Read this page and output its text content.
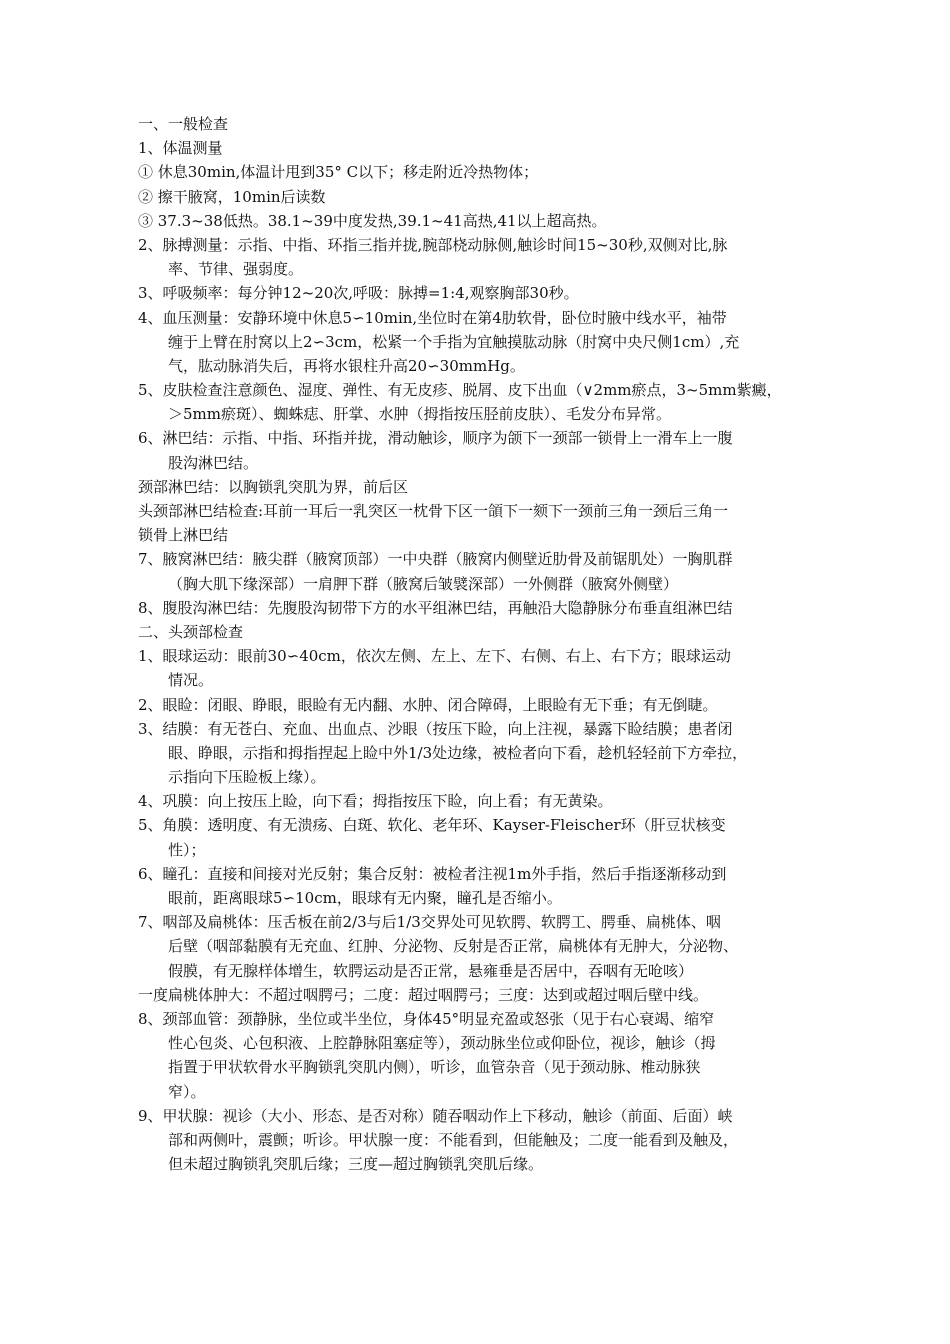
一、一般检查
1、体温测量
① 休息30min,体温计甩到35° C以下；移走附近冷热物体；
② 擦干腋窝，10min后读数
③ 37.3~38低热。38.1~39中度发热,39.1~41高热,41以上超高热。
2、脉搏测量：示指、中指、环指三指并拢,腕部桡动脉侧,触诊时间15~30秒,双侧对比,脉
率、节律、强弱度。
3、呼吸频率：每分钟12~20次,呼吸：脉搏=1:4,观察胸部30秒。
4、血压测量：安静环境中休息5∽10min,坐位时在第4肋软骨，卧位时腋中线水平，袖带
缠于上臂在肘窝以上2∽3cm，松紧一个手指为宜触摸肱动脉（肘窝中央尺侧1cm）,充
气，肱动脉消失后，再将水银柱升高20∽30mmHg。
5、皮肤检查注意颜色、湿度、弹性、有无皮疹、脱屑、皮下出血（∨2mm瘀点，3~5mm紫癜，
＞5mm瘀斑）、蜘蛛痣、肝掌、水肿（拇指按压胫前皮肤）、毛发分布异常。
6、淋巴结：示指、中指、环指并拢，滑动触诊，顺序为颌下一颈部一锁骨上一滑车上一腹
股沟淋巴结。
颈部淋巴结：以胸锁乳突肌为界，前后区
头颈部淋巴结检查:耳前一耳后一乳突区一枕骨下区一頜下一颏下一颈前三角一颈后三角一
锁骨上淋巴结
7、腋窝淋巴结：腋尖群（腋窝顶部）一中央群（腋窝内侧壁近肋骨及前锯肌处）一胸肌群
（胸大肌下缘深部）一肩胛下群（腋窝后皱襞深部）一外侧群（腋窝外侧壁）
8、腹股沟淋巴结：先腹股沟韧带下方的水平组淋巴结，再触沿大隐静脉分布垂直组淋巴结
二、头颈部检查
1、眼球运动：眼前30∽40cm，依次左侧、左上、左下、右侧、右上、右下方；眼球运动
情况。
2、眼睑：闭眼、睁眼，眼睑有无内翻、水肿、闭合障碍，上眼睑有无下垂；有无倒睫。
3、结膜：有无苍白、充血、出血点、沙眼（按压下睑，向上注视，暴露下睑结膜；患者闭
眼、睁眼，示指和拇指捏起上睑中外1/3处边缘，被检者向下看，趁机轻轻前下方牵拉，
示指向下压睑板上缘）。
4、巩膜：向上按压上睑，向下看；拇指按压下睑，向上看；有无黄染。
5、角膜：透明度、有无溃疡、白斑、软化、老年环、Kayser-Fleischer环（肝豆状核变
性）；
6、瞳孔：直接和间接对光反射；集合反射：被检者注视1m外手指，然后手指逐渐移动到
眼前，距离眼球5∽10cm，眼球有无内聚，瞳孔是否缩小。
7、咽部及扁桃体：压舌板在前2/3与后1/3交界处可见软腭、软腭工、腭垂、扁桃体、咽
后壁（咽部黏膜有无充血、红肿、分泌物、反射是否正常，扁桃体有无肿大，分泌物、
假膜，有无腺样体增生，软腭运动是否正常，悬雍垂是否居中，吞咽有无呛咳）
一度扁桃体肿大：不超过咽腭弓；二度：超过咽腭弓；三度：达到或超过咽后壁中线。
8、颈部血管：颈静脉，坐位或半坐位，身体45°明显充盈或怒张（见于右心衰竭、缩窄
性心包炎、心包积液、上腔静脉阻塞症等），颈动脉坐位或仰卧位，视诊，触诊（拇
指置于甲状软骨水平胸锁乳突肌内侧），听诊，血管杂音（见于颈动脉、椎动脉狭
窄）。
9、甲状腺：视诊（大小、形态、是否对称）随吞咽动作上下移动，触诊（前面、后面）峡
部和两侧叶，震颤；听诊。甲状腺一度：不能看到，但能触及；二度一能看到及触及，
但未超过胸锁乳突肌后缘；三度—超过胸锁乳突肌后缘。
